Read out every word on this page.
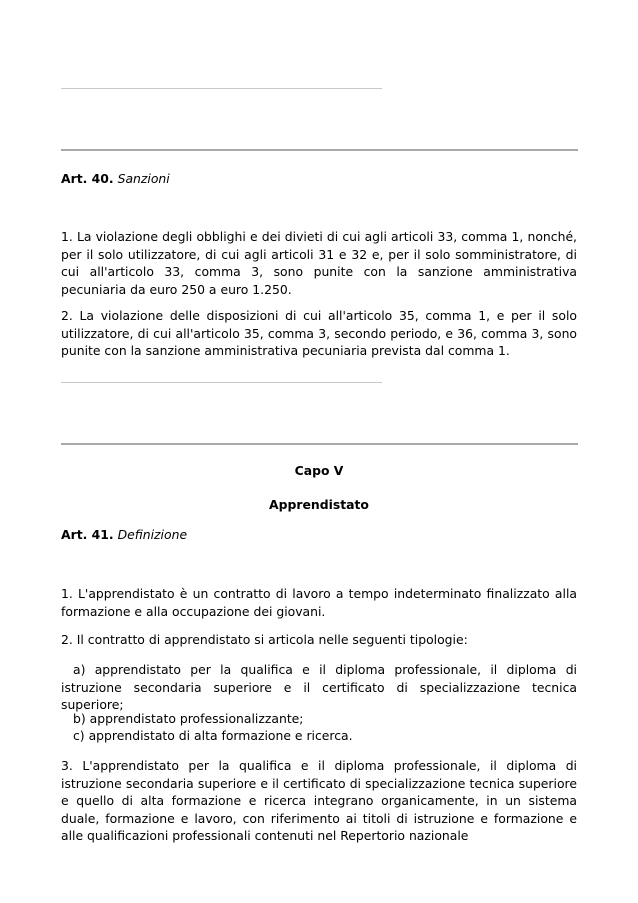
Art. 40. Sanzioni
1. La violazione degli obblighi e dei divieti di cui agli articoli 33, comma 1, nonché, per il solo utilizzatore, di cui agli articoli 31 e 32 e, per il solo somministratore, di cui all'articolo 33, comma 3, sono punite con la sanzione amministrativa pecuniaria da euro 250 a euro 1.250.
2. La violazione delle disposizioni di cui all'articolo 35, comma 1, e per il solo utilizzatore, di cui all'articolo 35, comma 3, secondo periodo, e 36, comma 3, sono punite con la sanzione amministrativa pecuniaria prevista dal comma 1.
Capo V
Apprendistato
Art. 41. Definizione
1. L'apprendistato è un contratto di lavoro a tempo indeterminato finalizzato alla formazione e alla occupazione dei giovani.
2. Il contratto di apprendistato si articola nelle seguenti tipologie:
a) apprendistato per la qualifica e il diploma professionale, il diploma di istruzione secondaria superiore e il certificato di specializzazione tecnica superiore;
b) apprendistato professionalizzante;
c) apprendistato di alta formazione e ricerca.
3. L'apprendistato per la qualifica e il diploma professionale, il diploma di istruzione secondaria superiore e il certificato di specializzazione tecnica superiore e quello di alta formazione e ricerca integrano organicamente, in un sistema duale, formazione e lavoro, con riferimento ai titoli di istruzione e formazione e alle qualificazioni professionali contenuti nel Repertorio nazionale
